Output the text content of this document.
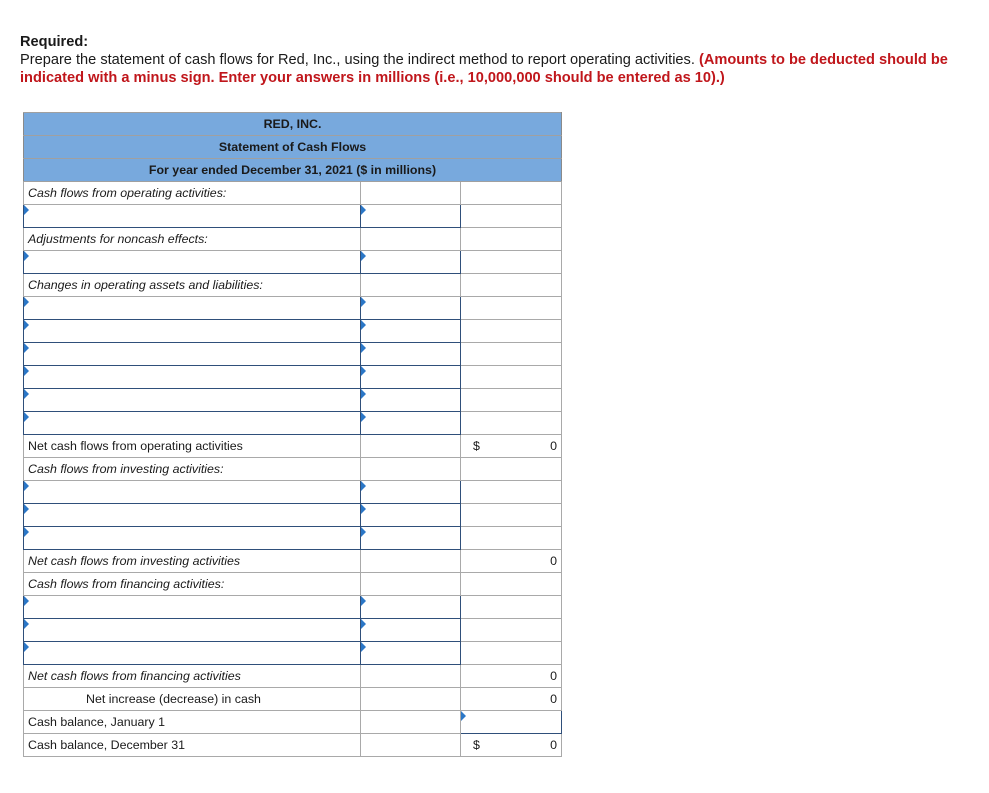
Required:
Prepare the statement of cash flows for Red, Inc., using the indirect method to report operating activities. (Amounts to be deducted should be indicated with a minus sign. Enter your answers in millions (i.e., 10,000,000 should be entered as 10).)
RED, INC.		
Statement of Cash Flows		
For year ended December 31, 2021 ($ in millions)		
Cash flows from operating activities:		

Adjustments for noncash effects:		

Changes in operating assets and liabilities:		

Net cash flows from operating activities		$ 0

Cash flows from investing activities:		

Net cash flows from investing activities		0
Cash flows from financing activities:		

Net cash flows from financing activities		0
Net increase (decrease) in cash		0
Cash balance, January 1		
Cash balance, December 31		$ 0
